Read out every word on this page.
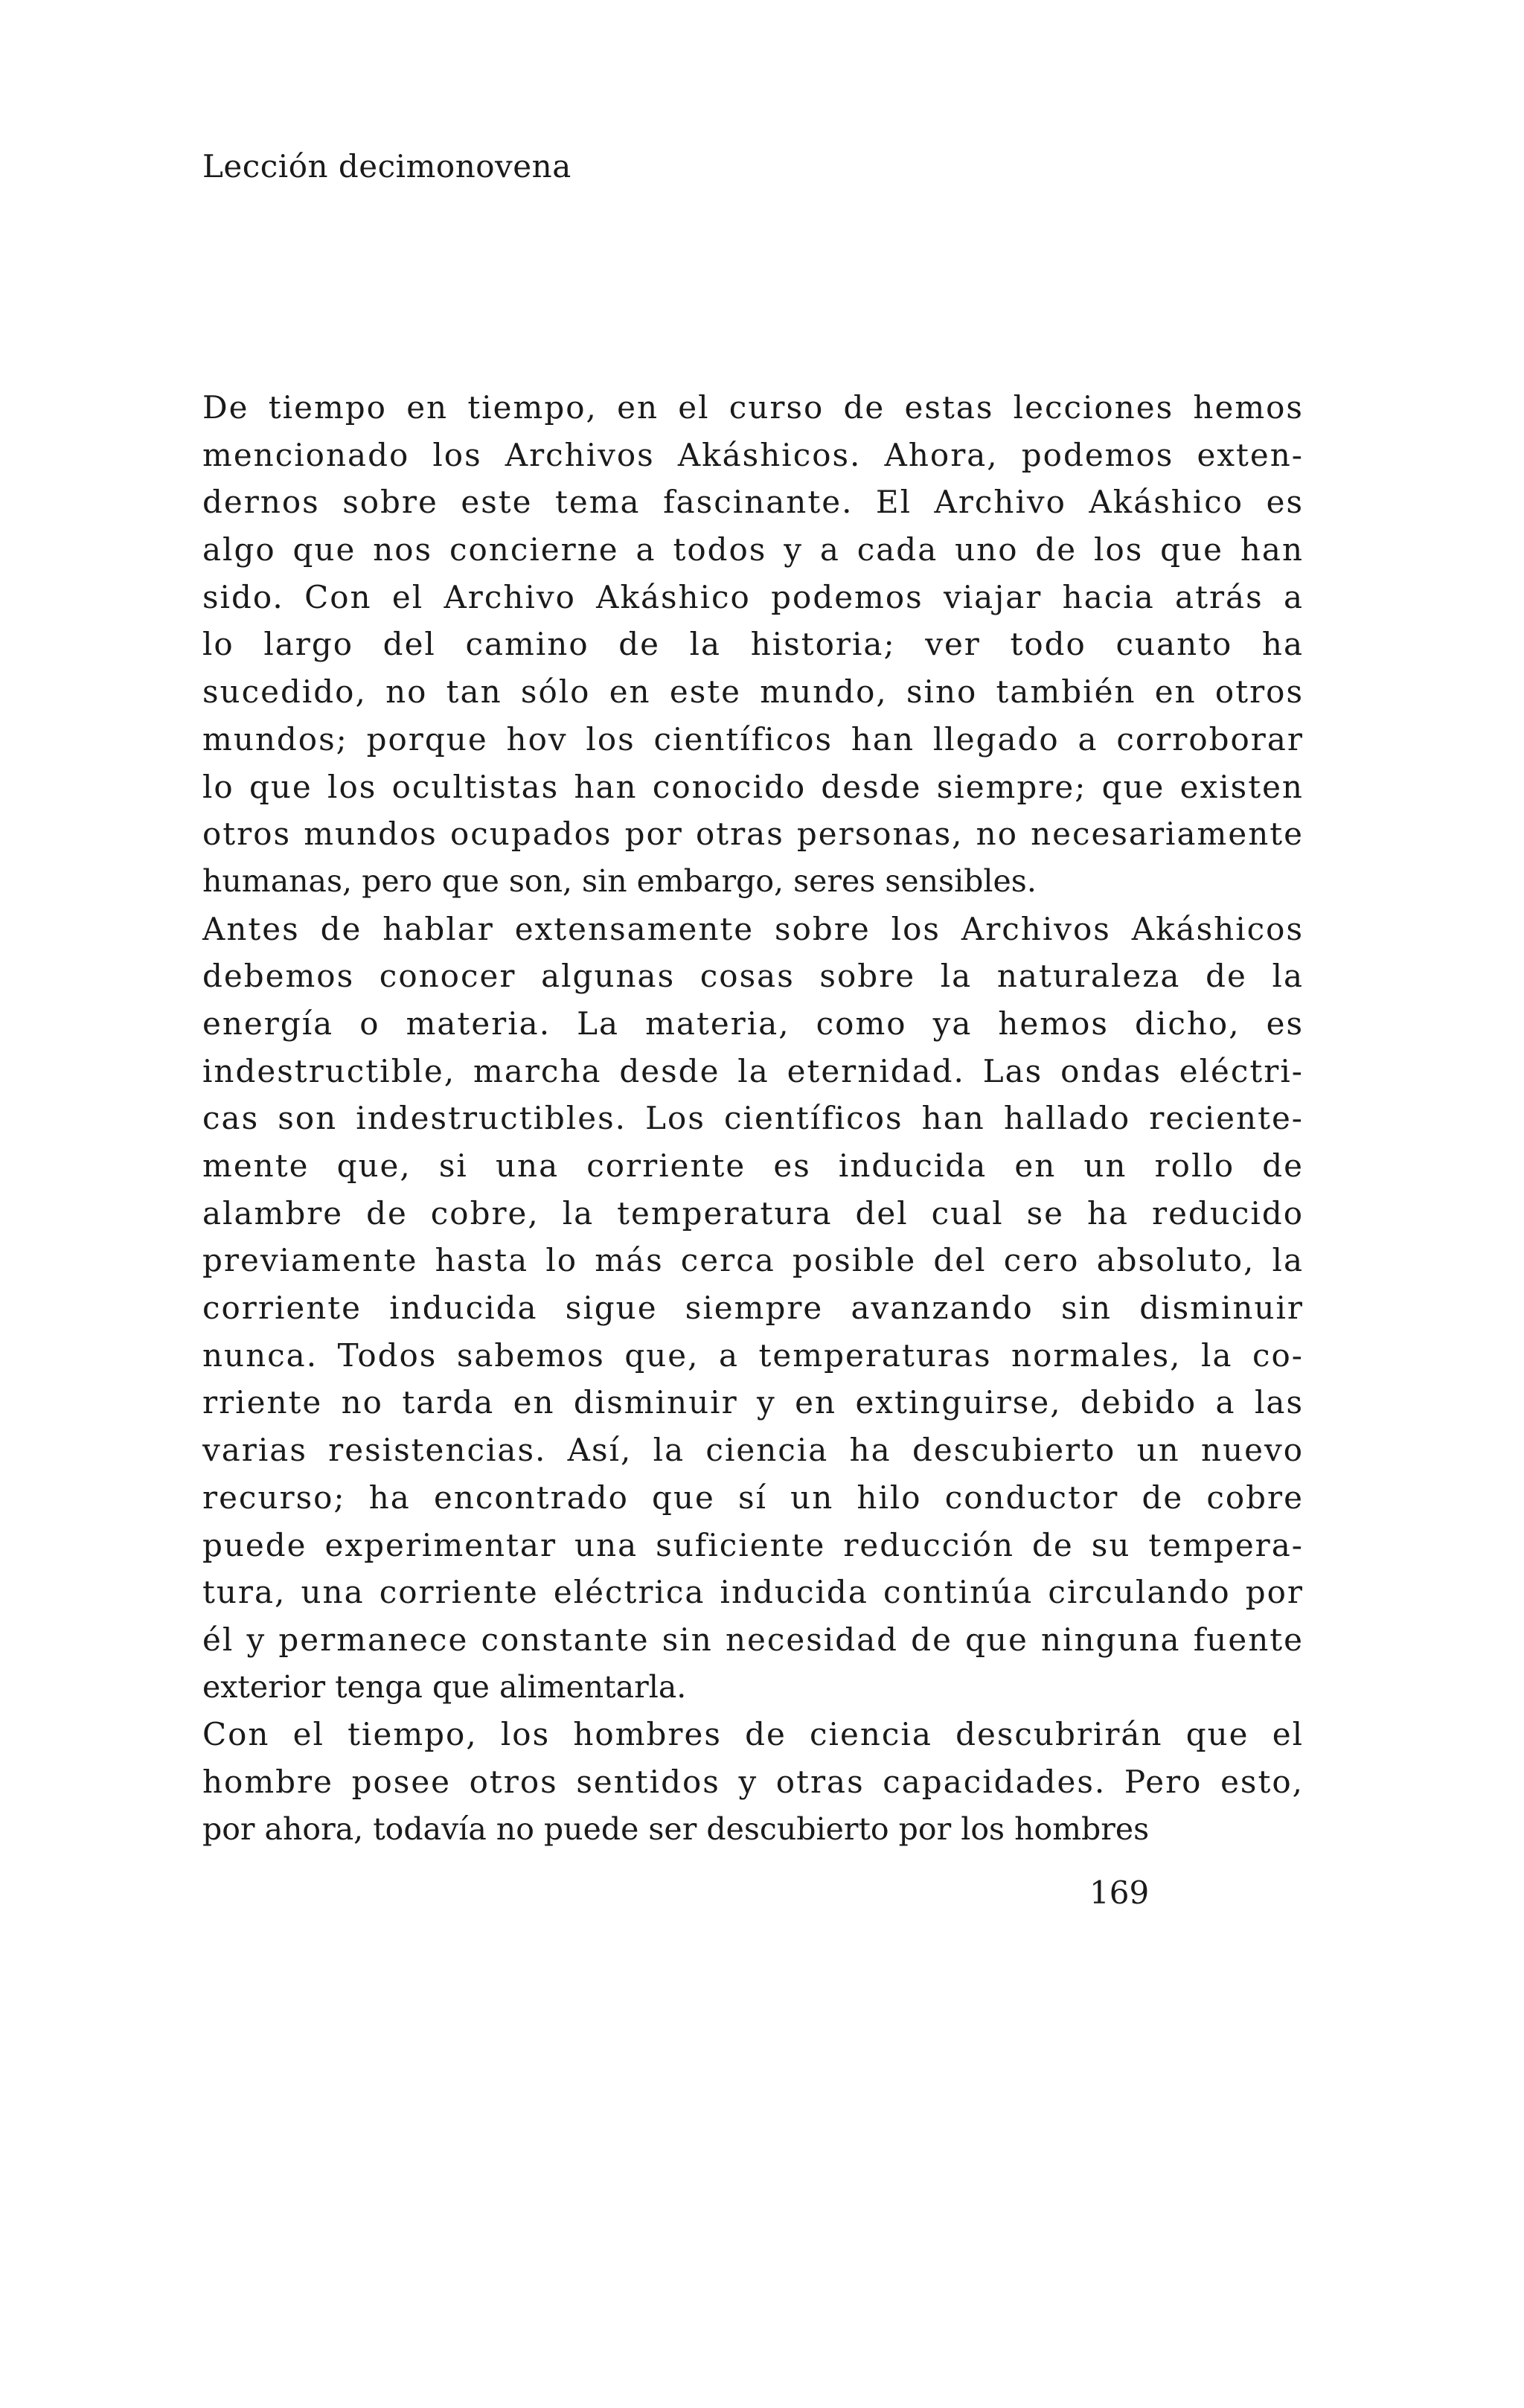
Lección decimonovena
De tiempo en tiempo, en el curso de estas lecciones hemos
mencionado los Archivos Akáshicos. Ahora, podemos exten-
dernos sobre este tema fascinante. El Archivo Akáshico es
algo que nos concierne a todos y a cada uno de los que han
sido. Con el Archivo Akáshico podemos viajar hacia atrás a
lo largo del camino de la historia; ver todo cuanto ha
sucedido, no tan sólo en este mundo, sino también en otros
mundos; porque hov los científicos han llegado a corroborar
lo que los ocultistas han conocido desde siempre; que existen
otros mundos ocupados por otras personas, no necesariamente
humanas, pero que son, sin embargo, seres sensibles.
Antes de hablar extensamente sobre los Archivos Akáshicos
debemos conocer algunas cosas sobre la naturaleza de la
energía o materia. La materia, como ya hemos dicho, es
indestructible, marcha desde la eternidad. Las ondas eléctri-
cas son indestructibles. Los científicos han hallado reciente-
mente que, si una corriente es inducida en un rollo de
alambre de cobre, la temperatura del cual se ha reducido
previamente hasta lo más cerca posible del cero absoluto, la
corriente inducida sigue siempre avanzando sin disminuir
nunca. Todos sabemos que, a temperaturas normales, la co-
rriente no tarda en disminuir y en extinguirse, debido a las
varias resistencias. Así, la ciencia ha descubierto un nuevo
recurso; ha encontrado que sí un hilo conductor de cobre
puede experimentar una suficiente reducción de su tempera-
tura, una corriente eléctrica inducida continúa circulando por
él y permanece constante sin necesidad de que ninguna fuente
exterior tenga que alimentarla.
Con el tiempo, los hombres de ciencia descubrirán que el
hombre posee otros sentidos y otras capacidades. Pero esto,
por ahora, todavía no puede ser descubierto por los hombres
169
